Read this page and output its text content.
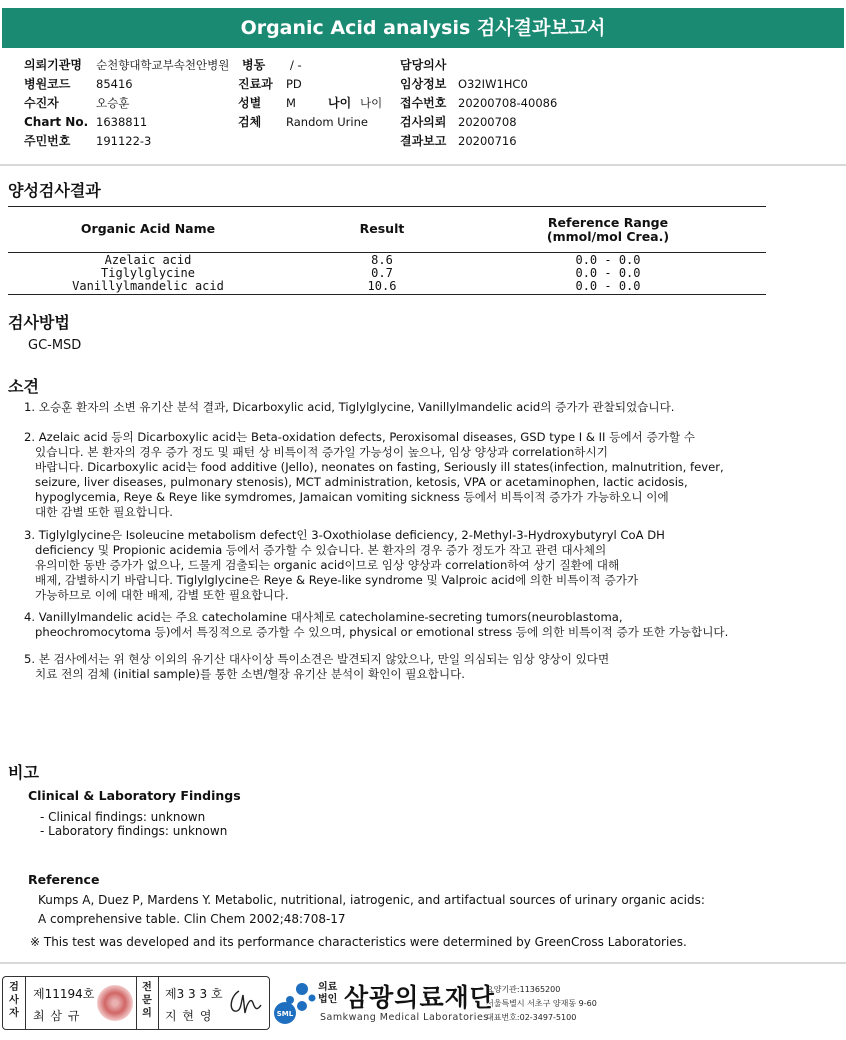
Organic Acid analysis 검사결과보고서
의뢰기관명 순천향대학교부속천안병원 병동 / -	담당의사
병원코드 85416	진료과 PD	임상정보 O32IW1HC0
수진자	오승훈	성별 M	나이 나이 접수번호 20200708-40086
Chart No. 1638811	검체 Random Urine	검사의뢰 20200708
주민번호 191122-3	결과보고 20200716
양성검사결과
Organic Acid Name	Result	Reference Range
(mmol/mol Crea.)
Azelaic acid	8.6	0.0 - 0.0
Tiglylglycine	0.7	0.0 - 0.0
Vanillylmandelic acid	10.6	0.0 - 0.0
검사방법
GC-MSD
소견
1. 오승훈 환자의 소변 유기산 분석 결과, Dicarboxylic acid, Tiglylglycine, Vanillylmandelic acid의 증가가 관찰되었습니다.
2. Azelaic acid 등의 Dicarboxylic acid는 Beta-oxidation defects, Peroxisomal diseases, GSD type I & II 등에서 증가할 수
있습니다. 본 환자의 경우 증가 정도 및 패턴 상 비특이적 증가일 가능성이 높으나, 임상 양상과 correlation하시기
바랍니다. Dicarboxylic acid는 food additive (Jello), neonates on fasting, Seriously ill states(infection, malnutrition, fever,
seizure, liver diseases, pulmonary stenosis), MCT administration, ketosis, VPA or acetaminophen, lactic acidosis,
hypoglycemia, Reye & Reye like symdromes, Jamaican vomiting sickness 등에서 비특이적 증가가 가능하오니 이에
대한 감별 또한 필요합니다.
3. Tiglylglycine은 Isoleucine metabolism defect인 3-Oxothiolase deficiency, 2-Methyl-3-Hydroxybutyryl CoA DH
deficiency 및 Propionic acidemia 등에서 증가할 수 있습니다. 본 환자의 경우 증가 정도가 작고 관련 대사체의
유의미한 동반 증가가 없으나, 드물게 검출되는 organic acid이므로 임상 양상과 correlation하여 상기 질환에 대해
배제, 감별하시기 바랍니다. Tiglylglycine은 Reye & Reye-like syndrome 및 Valproic acid에 의한 비특이적 증가가
가능하므로 이에 대한 배제, 감별 또한 필요합니다.
4. Vanillylmandelic acid는 주요 catecholamine 대사체로 catecholamine-secreting tumors(neuroblastoma,
pheochromocytoma 등)에서 특징적으로 증가할 수 있으며, physical or emotional stress 등에 의한 비특이적 증가 또한 가능합니다.
5. 본 검사에서는 위 현상 이외의 유기산 대사이상 특이소견은 발견되지 않았으나, 만일 의심되는 임상 양상이 있다면
치료 전의 검체 (initial sample)를 통한 소변/혈장 유기산 분석이 확인이 필요합니다.
비고
Clinical & Laboratory Findings
- Clinical findings: unknown
- Laboratory findings: unknown
Reference
Kumps A, Duez P, Mardens Y. Metabolic, nutritional, iatrogenic, and artifactual sources of urinary organic acids:
A comprehensive table. Clin Chem 2002;48:708-17
※ This test was developed and its performance characteristics were determined by GreenCross Laboratories.
검
사
자
제11194호
최 삼 규
전
문
의
제3 3 3 호
지 현 영	SML
의료
법인 삼광의료재단
Samkwang Medical Laboratories
요양기관:11365200
서울특별시 서초구 양재동 9-60
대표번호:02-3497-5100
